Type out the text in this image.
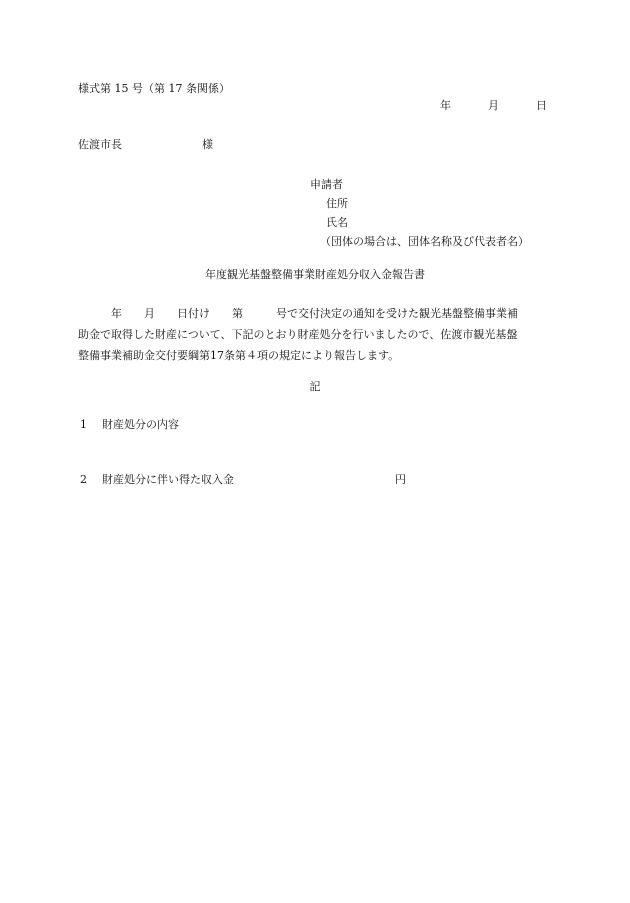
様式第 15 号（第 17 条関係）
年	月	日
佐渡市長	様
申請者
住所
氏名
（団体の場合は、団体名称及び代表者名）
年度観光基盤整備事業財産処分収入金報告書
　　　年　　月　　日付け　　第　　　号で交付決定の通知を受けた観光基盤整備事業補
助金で取得した財産について、下記のとおり財産処分を行いましたので、佐渡市観光基盤
整備事業補助金交付要綱第17条第４項の規定により報告します。
記
1 財産処分の内容
2 財産処分に伴い得た収入金	円
